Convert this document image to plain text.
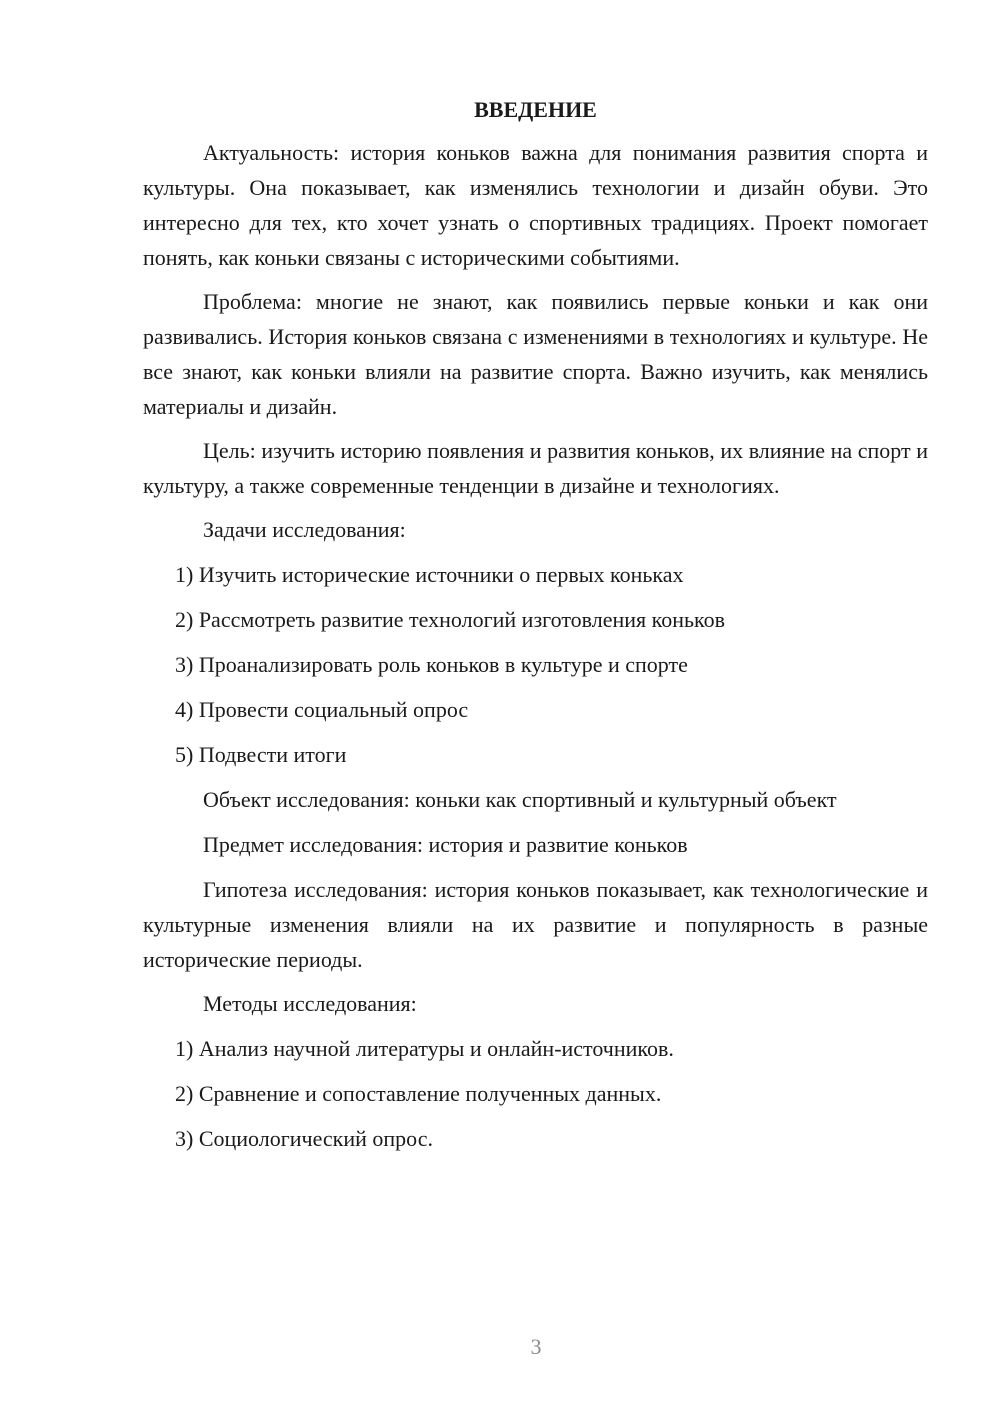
ВВЕДЕНИЕ

Актуальность: история коньков важна для понимания развития спорта и культуры. Она показывает, как изменялись технологии и дизайн обуви. Это интересно для тех, кто хочет узнать о спортивных традициях. Проект помогает понять, как коньки связаны с историческими событиями.

Проблема: многие не знают, как появились первые коньки и как они развивались. История коньков связана с изменениями в технологиях и культуре. Не все знают, как коньки влияли на развитие спорта. Важно изучить, как менялись материалы и дизайн.

Цель: изучить историю появления и развития коньков, их влияние на спорт и культуру, а также современные тенденции в дизайне и технологиях.

Задачи исследования:
1) Изучить исторические источники о первых коньках
2) Рассмотреть развитие технологий изготовления коньков
3) Проанализировать роль коньков в культуре и спорте
4) Провести социальный опрос
5) Подвести итоги
Объект исследования: коньки как спортивный и культурный объект
Предмет исследования: история и развитие коньков

Гипотеза исследования: история коньков показывает, как технологические и культурные изменения влияли на их развитие и популярность в разные исторические периоды.

Методы исследования:
1) Анализ научной литературы и онлайн-источников.
2) Сравнение и сопоставление полученных данных.
3) Социологический опрос.
3
